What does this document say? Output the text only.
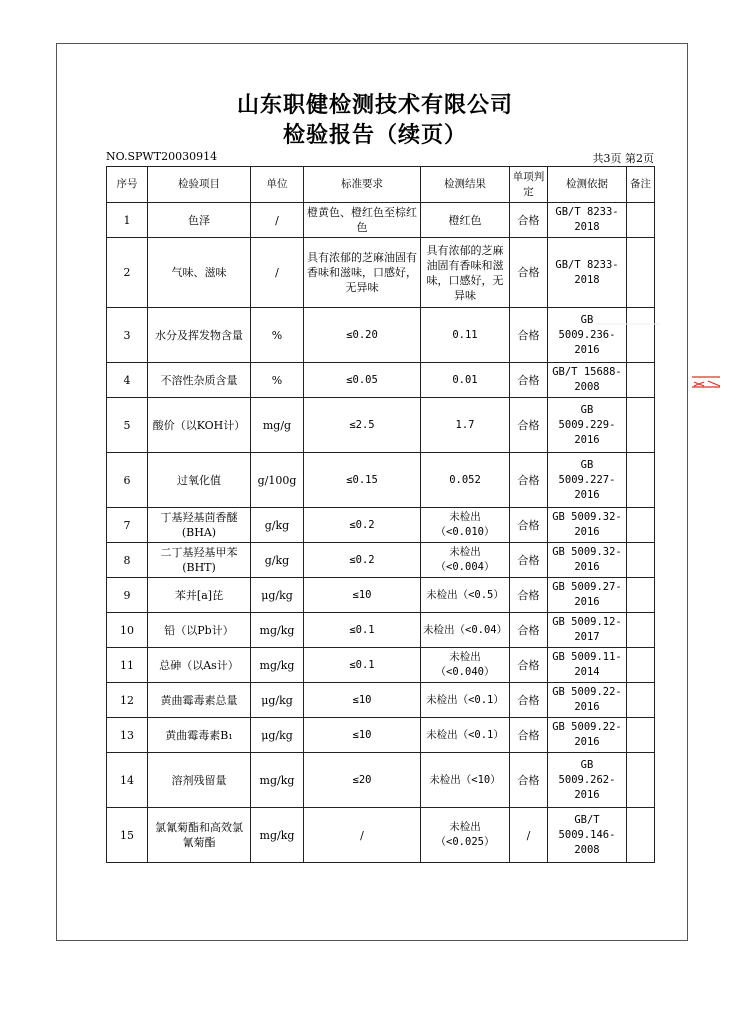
山东职健检测技术有限公司
检验报告（续页）
NO.SPWT20030914	共3页 第2页
序号	检验项目	单位	标准要求	检测结果	单项判定	检测依据	备注
1	色泽	/	橙黄色、橙红色至棕红色	橙红色	合格	GB/T 8233-2018	
2	气味、滋味	/	具有浓郁的芝麻油固有香味和滋味，口感好，无异味	具有浓郁的芝麻油固有香味和滋味，口感好，无异味	合格	GB/T 8233-2018	
3	水分及挥发物含量	%	≤0.20	0.11	合格	GB 5009.236-2016	
4	不溶性杂质含量	%	≤0.05	0.01	合格	GB/T 15688-2008	
5	酸价（以KOH计）	mg/g	≤2.5	1.7	合格	GB 5009.229-2016	
6	过氧化值	g/100g	≤0.15	0.052	合格	GB 5009.227-2016	
7	丁基羟基茴香醚(BHA)	g/kg	≤0.2	未检出（<0.010）	合格	GB 5009.32-2016	
8	二丁基羟基甲苯(BHT)	g/kg	≤0.2	未检出（<0.004）	合格	GB 5009.32-2016	
9	苯并[a]芘	μg/kg	≤10	未检出（<0.5）	合格	GB 5009.27-2016	
10	铅（以Pb计）	mg/kg	≤0.1	未检出（<0.04）	合格	GB 5009.12-2017	
11	总砷（以As计）	mg/kg	≤0.1	未检出（<0.040）	合格	GB 5009.11-2014	
12	黄曲霉毒素总量	μg/kg	≤10	未检出（<0.1）	合格	GB 5009.22-2016	
13	黄曲霉毒素B₁	μg/kg	≤10	未检出（<0.1）	合格	GB 5009.22-2016	
14	溶剂残留量	mg/kg	≤20	未检出（<10）	合格	GB 5009.262-2016	
15	氯氰菊酯和高效氯氰菊酯	mg/kg	/	未检出（<0.025）	/	GB/T 5009.146-2008	
